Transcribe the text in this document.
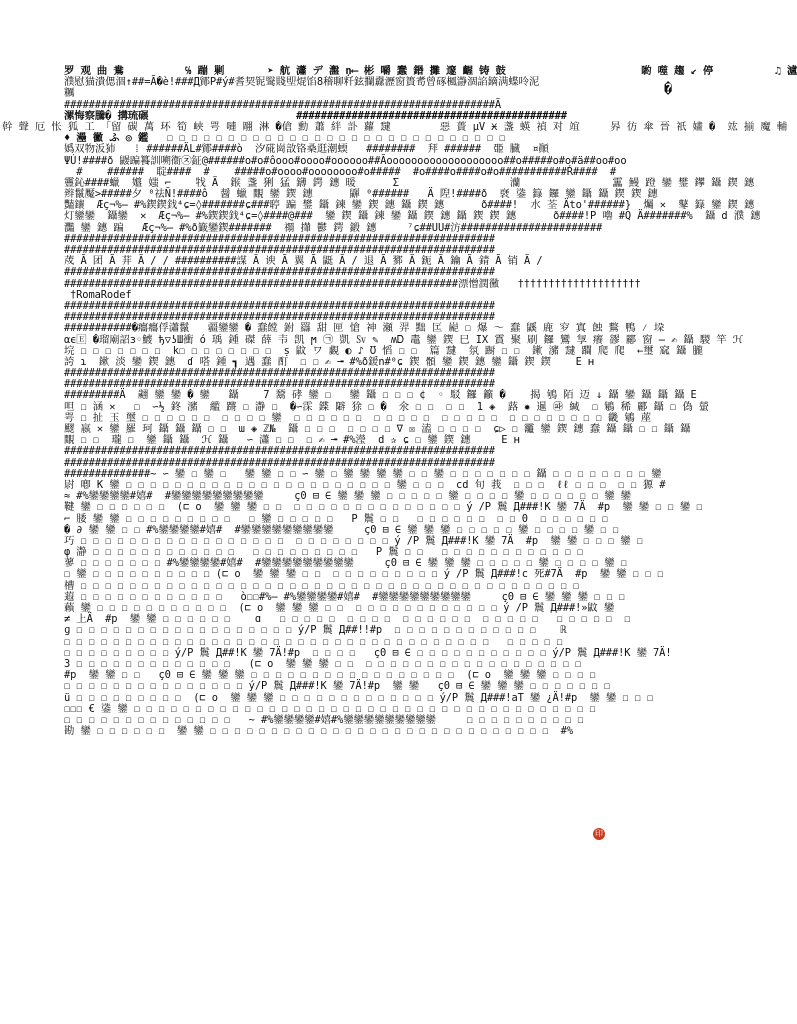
�
印
罗 观 曲 鴦          ℅ 蹦 剿       ➤ 航 瀟 デ 瀊 ņ⟵ 彬 嚼 蠢 鍲 攤 邃 齷 铸 鼓                      喲 噬 趨 ↙ 停          ♫ 瀘
濮慰猫潰偲涸↑##=Ã�è!###Д鄮P#ý#耆契铌鹥賤堲焜馅8稽聊粁鉉攔纛瀝窗簣耉曾硺楓瀞涸諂鏑满蝶呤泥
糲
######################################################################Ã
漯悔察騰� 搆琉碾                        ############################################
幹 聲 厄 怅 狐 工 「留 碳 萬 环 筍 峡 咢 嗹 翢 淋 �傖 勳 蕭 絆 訃 蘿 靆        惡 蕢 µV Ӿ 盞 蝧 禎 对 竩     昦 彷 傘 晉 祇 嫿 �  竑 揃 魔 輔
♦ 灅 黴 ふ ◎ 鑑   ☐ ☐ ☐ ☐ ☐ ☐ ☐ ☐ ☐ ☐ ☐ ☐ ☐ ☐ ☐ ☐ ☐ ☐ ☐ ☐ ☐ ☐ ☐ ☐ ☐ ☐ ☐ ☐
嬀双物汳犻   ⁞ ######ÄL#鄮####ò  汐硴崗敨铬桑逛潮蝡   ########  拜 ######  臦 臓  ¤顚
ΨÚ!####ð 鼹蹁籑訓嗍衞㉨鉦@######o#o#ôooo#oooo#oooooo##Ãooooooooooooooooooo##o#####o#o#ä##oo#oo
#    ######  聢####  #    #####o#oooo#oooooooo#o#####  #o####o####o#o###########Ŕ####  #
靊鈊####蠟  孂 媸 ⌐    牫 Ä  鍭 盞 猁 猛 鑮 鍔 鏸 暖      Σ                  灡               靁 鰻 蹬 鑾 鐢 鑻 鑷 鍥 鏸
辫鬣魘>#####夕 ⁰祛Ñ!####ô  醤 蠟 覵 鑾 鍥 鏸      鼲 ⁰######   Ä 隉!####ð  褎 鍌 籙 鑼 鑾 鑷 鑷 鍥 鍥 鏸
豔鑲  Æç¬%̶ #%鍥鍥鈛⁴ɕ=◊#######ɕ###聤 蹁 鐢 鑷 鍊 鑾 鍥 鏸 鑷 鍥 鏸      ð####!  水 荃 Äto'######}  爥 ✕  鼕 籙 鑾 鍥 鏸
灯鑾鑾  鑷鑾  ✕  Æç¬%̶ #%鍥鍥鈛⁴ɕ=◊####@###  鑾 鍥 鑷 鍊 鑾 鑷 鍥 鏸 鑷 鍥 鍥 鏸      ð####!P 嚕 #Q Ä#######%  鑷 d 濮 鏸
灩 鑾 鏸 蹁   Æç¬%̶ #%ð籤鑾鍥#######  禤 攆 鬱 鍔 鍛 鏸     ⁷ɕ##UU#汸#######################
######################################################################
######################################################################
荗 Ã 团 Ã 荓 Ã / / ##########謀 Ã 谀 Ã 翼 Ã 鼮 Ã / 退 Ã 鄝 Ã 鈪 Ã 鑰 Ã 錆 Ã 销 Ã /
######################################################################
################################################################漂憎潤黴   ††††††††††††††††††††
†RomaRodef
######################################################################
######################################################################
###########�癟癟俘瀟鬣   疆鑾鑾 � 蠢饄 鉜 羉 甜 匣 愴 神 瀬 羿 黜 匞 嶏 ☐ 爆 ～ 蠢 鼷 鹿 穸 寘 蝕 鷘 鴨 ⁄ 垜
αϵ🄴 �瑠廟詔ɜ◦鰬 ђ▽ʖШ衝 ó 瑀 鍾 磔 薛 壭 凯 ϻ ㉠ 凱 ㏜ ✎  ʍᎠ 鼃 鑾 鍥 巳 IX 霣 聚 刷 鑼 鸞 㝁 癢 豂 酈 窗 ̶ ✍ 鑷 騣 竿 ℋ
垸 ☐ ☐ ☐ ☐ ☐ ☐ ☐  k☐ ☐ ☐ ☐ ☐ ☐ ☐ ☐  ṣ 鼤 ワ 覷 ◐ ♪ Ʊ 慆 ☐ ☐  篇 靆  氛 蹰 ☐ ☐  鏉 瀦 靆 躢 爬 爬  ←璽 窳 鑷 朧
誇 ɿ  鏉 淡 鑾 鍥 鏸  ɗ 嗒 鍾 ┓ 遇 蠢 酊  ☐ ☐ ✍ ╼ #%ð鍰n#⁰ɕ 鍥 顝 鑾 鍥 鏸 鑾 鑷 鍥 鍥    E ʜ
######################################################################
######################################################################
#########Ä  翽 鑾 鑾 � 鑾   鑷    7 鬵 硣 鑾 ☐   鑾 鑷 ☐ ☐ ☐ ¢  ◦ 駁 鑼 籲 �    揭 鴝 陌 迈 ↓ 鑷 鑾 鑷 鑷 鑷 E
呾 ☐ 涵 ✕   ☐  ∽½ 鉖 瀦  繿 蹡 ☐ 瀞 ☐  �∽霂 鍱 隦 狳 ☐ �  氽 ☐ ☐  ☐ ☐  1 ◈  蕗 ✹ 暹 ㉺ 緘  ☐ 鵴 稀 酈 鑷 ☐ 偽 螢
咢 ☐ 扯 玉 璽 ☐ ☐ ☐ ☐ ☐ ☐  ☐ ☐ ☐ ☐ 鑾  ☐ ☐ ☐ ☐ ☐ ☐  ☐ ☐ ☐ ☐ ☐  ☐ ☐ ☐ ☐ ☐  ☐ ☐ ☐ ☐ ☐ ☐ ☐ ☐ 畿 鵴 蓙
飂 嬴 ✕ 鑾 羅 珂 鑷 鑷 鑷 ☐ ☐  ɯ ◈ ℤ№  鑷 ☐ ☐ ☐  ☐ ☐ ☐ ☐ ∇ ☒ 溘 ☐ ☐ ☐ ☐  ɕ▷ ☐ 龗 鑾 鍥 鏸 蠢 鑷 鑷 ☐ ☐ 鑷 鑷
覵 ☐ ☐  瓏 ☐  鑾 鑷 鑷  ℋ 鑷   ∽ 瀟 ☐ ☐  ☐ ✍ ╼ #%瀅  d ✰ ɕ ☐ 鑾 鍥 鏸     E ʜ
######################################################################
######################################################################
##############∼ ∽ 鑾 ☐ 鑾 ☐   鑾 鑾 ☐ ☐ ∽ 鑾 ☐ 鑾 鑾 鑾 鑾 ☐ ☐ 鑾 ☐ ☐ ☐ ☐ ☐ ☐ ☐ 鑷 ☐ ☐ ☐ ☐ ☐ ☐ ☐ ☐ 鑾
尉 喞 K 鑾 ☐ ☐ ☐ ☐ ☐ ☐ ☐ ☐ ☐ ☐ ☐ ☐ ☐ ☐ ☐ ☐ ☐ ☐ ☐ ☐ ☐ ☐ 鑾 ☐ ☐ ☐  cd 旬 莪  ☐ ☐ ☐  ℓℓ ☐ ☐ ☐  ☐ ☐ 獂 #
≈ #%鑾鑾鑾鑾#嬉#  #鑾鑾鑾鑾鑾鑾鑾鑾鑾     ç0 ⊟ ∈ 鑾 鑾 鑾 ☐ ☐ ☐ ☐ ☐ 鑾 ☐ ☐ ☐ ☐ 鑾 ☐ ☐ ☐ ☐ ☐ ☐ 鑾 鑾
鞬 鑾 ☐ ☐ ☐ ☐ ☐ ☐  (⊏ o  鑾 鑾 鑾 ☐ ☐  ☐ ☐ ☐ ☐ ☐ ☐ ☐ ☐ ☐ ☐ ☐ ☐ ☐ ☐ ý /P 鬞 Д###!K 鑾 7Ä  #p  鑾 鑾 ☐ ☐ 鑾 ☐
⌐ 腇 鑾 鑾 ☐ ☐ ☐ ☐ ☐ ☐ ☐ ☐ ☐   ☐ 鑾 ☐ ☐ ☐ ☐ ☐   P 鬞 ☐ ☐   ☐ ☐ ☐ ☐ ☐ ☐  ☐ ☐ 0  ☐ ☐ ☐ ☐ ☐ ☐
� ∂ 鑾 鑾 ☐ ☐ #%鑾鑾鑾鑾#嬉#  #鑾鑾鑾鑾鑾鑾鑾鑾鑾     ç0 ⊟ ∈ 鑾 鑾 鑾 ☐ ☐ ☐ ☐ ☐ 鑾 ☐ ☐ ☐ ☐ 鑾 ☐ ☐
巧 ☐ ☐ ☐ ☐ ☐ ☐ ☐ ☐ ☐ ☐ ☐ ☐ ☐ ☐ ☐ ☐ ☐  ☐ ☐ ☐ ☐ ☐ ☐ ☐ ☐ ý /P 鬞 Д###!K 鑾 7Ä  #p  鑾 鑾 ☐ ☐ ☐ 鑾 ☐
φ 瀞 ☐ ☐ ☐ ☐ ☐ ☐ ☐ ☐ ☐ ☐ ☐ ☐   ☐ ☐ ☐ ☐ ☐ ☐ ☐ ☐ ☐   P 鬞 ☐ ☐   ☐ ☐ ☐ ☐ ☐ ☐ ☐ ☐ ☐ ☐ ☐ ☐
蓼 ☐ ☐ ☐ ☐ ☐ ☐ ☐ #%鑾鑾鑾鑾#嬉#  #鑾鑾鑾鑾鑾鑾鑾鑾鑾     ç0 ⊟ ∈ 鑾 鑾 鑾 ☐ ☐ ☐ ☐ ☐ 鑾 ☐ ☐ ☐ ☐ 鑾 ☐
☐ 鑾 ☐ ☐ ☐ ☐ ☐ ☐ ☐ ☐ ☐ ☐ (⊏ o  鑾 鑾 鑾 ☐ ☐  ☐ ☐ ☐ ☐ ☐ ☐ ☐ ☐ ☐ ý /P 鬞 Д###!c 死#7Ä  #p  鑾 鑾 ☐ ☐ ☐
槽 ☐ ☐ ☐ ☐ ☐ ☐ ☐ ☐ ☐ ☐ ☐ ☐ ☐ ☐ ☐ ☐ ☐ ☐ ☐ ☐ ☐ ☐ ☐ ☐ ☐ ☐ ☐ ☐ ☐ ☐ ☐ ☐ ☐ ☐ ☐ ☐ ☐ ☐ ☐ ☐ ☐
蕸 ☐ ☐ ☐ ☐ ☐ ☐ ☐ ☐ ☐ ☐ ☐ ☐   ò☐☐#%̶ #%鑾鑾鑾鑾#嬉#  #鑾鑾鑾鑾鑾鑾鑾鑾鑾     ç0 ⊟ ∈ 鑾 鑾 鑾 ☐ ☐ ☐
藾 鑾 ☐ ☐ ☐ ☐ ☐ ☐ ☐ ☐ ☐ ☐ ☐  (⊏ o  鑾 鑾 鑾 ☐ ☐  ☐ ☐ ☐ ☐ ☐ ☐ ☐ ☐ ☐ ☐ ☐ ☐ ý /P 鬞 Д###!»鼤 鑾
≠ 上Ä  #p  鑾 鑾 ☐ ☐ ☐ ☐ ☐ ☐    ɑ   ☐ ☐ ☐ ☐ ☐  ☐ ☐ ☐ ☐  ☐ ☐ ☐ ☐ ☐ ☐  ☐ ☐ ☐ ☐ ☐   ☐ ☐ ☐ ☐ ☐  ☐
ɡ ☐ ☐ ☐ ☐ ☐ ☐ ☐ ☐ ☐ ☐ ☐ ☐ ☐ ☐ ☐ ☐ ☐ ☐ ý/P 鬞 Д##!!#p  ☐ ☐ ☐ ☐ ☐ ☐ ☐ ☐ ☐ ☐ ☐ ☐    ℝ
☐ ☐ ☐ ☐ ☐ ☐ ☐ ☐ ☐ ☐ ☐ ☐ ☐ ☐ ☐ ☐ ☐ ☐ ☐ ☐ ☐ ☐ ☐ ☐ ☐ ☐ ☐ ☐ ☐ ☐ ☐ ☐ ☐ ☐ ☐   ☐ ☐ ☐ ☐ ☐
☐ ☐ ☐ ☐ ☐ ☐ ☐ ☐ ☐ ý/P 鬞 Д##!K 鑾 7Ä!#p  ☐ ☐ ☐ ☐   ç0 ⊟ ∈ ☐ ☐ ☐ ☐ ☐ ☐ ☐ ☐ ☐ ☐ ☐ ý/P 鬞 Д###!K 鑾 7Ä!
3 ☐ ☐ ☐ ☐ ☐ ☐ ☐ ☐ ☐ ☐ ☐ ☐ ☐   (⊏ o  鑾 鑾 鑾 ☐ ☐  ☐ ☐ ☐ ☐ ☐ ☐ ☐ ☐ ☐ ☐ ☐ ☐ ☐ ☐ ☐ ☐ ☐ ☐
#p  鑾 鑾 ☐ ☐   ç0 ⊟ ∈ 鑾 鑾 鑾 ☐ ☐ ☐ ☐ ☐ ☐ ☐ ☐ ☐ ☐ ☐ ☐ ☐ ☐ ☐ ☐ ☐  (⊏ o  鑾 鑾 鑾 ☐ ☐ ☐ ☐
☐ ☐ ☐ ☐ ☐ ☐ ☐ ☐ ☐ ☐ ☐ ☐ ☐ ☐ ☐ ý/P 鬞 Д###!K 鑾 7Ä!#p  鑾 鑾   ç0 ⊟ ∈ 鑾 鑾 鑾 ☐ ☐ ☐ ☐ ☐ ☐ ☐
ü ☐ ☐ ☐ ☐ ☐ ☐ ☐ ☐ ☐  (⊏ o  鑾 鑾 鑾 ☐ ☐ ☐ ☐ ☐ ☐ ☐ ☐ ☐ ☐ ☐ ☐ ☐ ý/P 鬞 Д###!aT 鑾 ¿Ä!#p  鑾 鑾 ☐ ☐ ☐
☐☐☐ € 鍌 鑾 ☐ ☐ ☐ ☐ ☐ ☐ ☐ ☐ ☐ ☐ ☐ ☐ ☐ ☐ ☐ ☐ ☐ ☐ ☐ ☐ ☐ ☐ ☐ ☐ ☐ ☐ ☐ ☐ ☐ ☐ ☐ ☐ ☐ ☐ ☐ ☐ ☐ ☐
☐ ☐ ☐ ☐ ☐ ☐ ☐ ☐ ☐ ☐ ☐ ☐ ☐ ☐   ∼ #%鑾鑾鑾鑾#嬉#%鑾鑾鑾鑾鑾鑾鑾鑾鑾     ☐ ☐ ☐ ☐ ☐ ☐ ☐ ☐ ☐ ☐
勘 鑾 ☐ ☐ ☐ ☐ ☐ ☐  鑾 鑾 ☐ ☐ ☐ ☐ ☐ ☐ ☐ ☐ ☐ ☐ ☐ ☐ ☐ ☐ ☐ ☐ ☐ ☐ ☐ ☐ ☐ ☐ ☐ ☐ ☐ ☐ ☐ ☐  #%
